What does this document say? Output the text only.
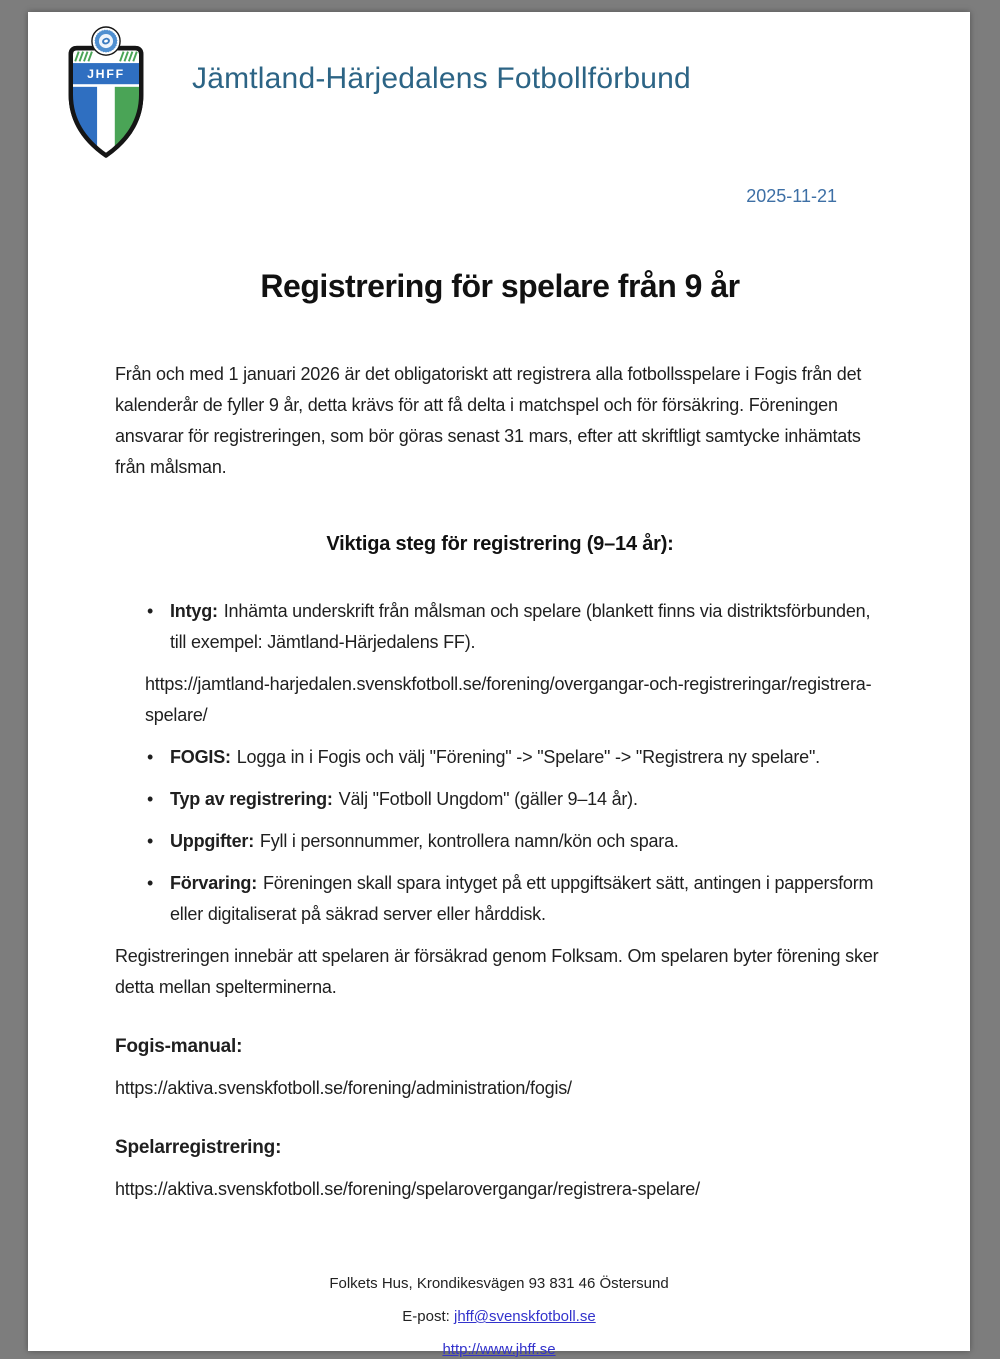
JHFF Jämtland-Härjedalens Fotbollförbund
2025-11-21
Registrering för spelare från 9 år
Från och med 1 januari 2026 är det obligatoriskt att registrera alla fotbollsspelare i Fogis från det kalenderår de fyller 9 år, detta krävs för att få delta i matchspel och för försäkring. Föreningen ansvarar för registreringen, som bör göras senast 31 mars, efter att skriftligt samtycke inhämtats från målsman.
Viktiga steg för registrering (9–14 år):
• Intyg: Inhämta underskrift från målsman och spelare (blankett finns via distriktsförbunden, till exempel: Jämtland-Härjedalens FF).
https://jamtland-harjedalen.svenskfotboll.se/forening/overgangar-och-registreringar/registrera-spelare/
• FOGIS: Logga in i Fogis och välj "Förening" -> "Spelare" -> "Registrera ny spelare".
• Typ av registrering: Välj "Fotboll Ungdom" (gäller 9–14 år).
• Uppgifter: Fyll i personnummer, kontrollera namn/kön och spara.
• Förvaring: Föreningen skall spara intyget på ett uppgiftsäkert sätt, antingen i pappersform eller digitaliserat på säkrad server eller hårddisk.
Registreringen innebär att spelaren är försäkrad genom Folksam. Om spelaren byter förening sker detta mellan spelterminerna.
Fogis-manual:
https://aktiva.svenskfotboll.se/forening/administration/fogis/
Spelarregistrering:
https://aktiva.svenskfotboll.se/forening/spelarovergangar/registrera-spelare/
Folkets Hus, Krondikesvägen 93 831 46 Östersund
E-post: jhff@svenskfotboll.se
http://www.jhff.se
